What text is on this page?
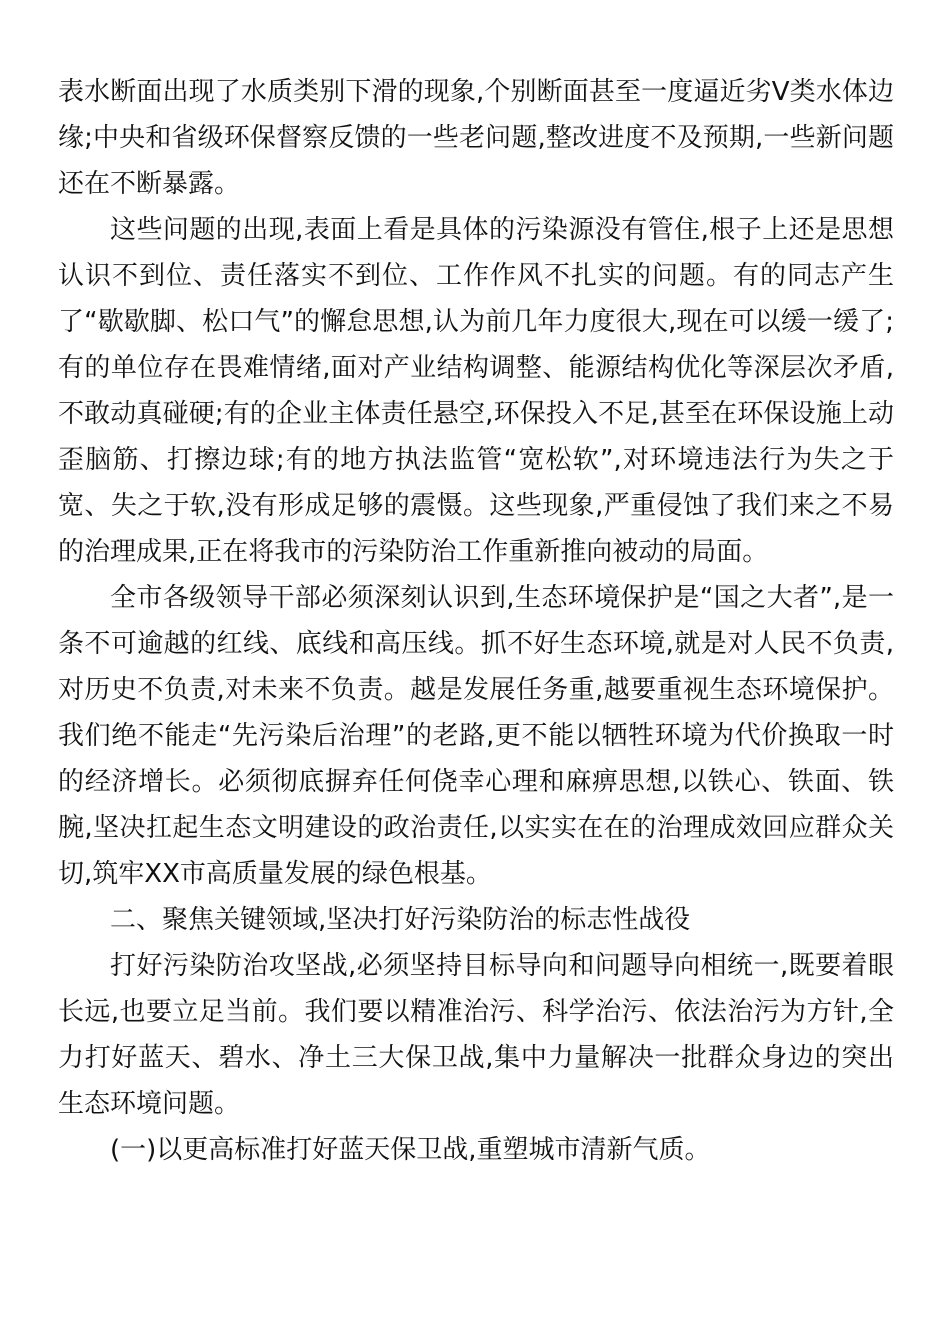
表水断面出现了水质类别下滑的现象,个别断面甚至一度逼近劣Ⅴ类水体边缘;中央和省级环保督察反馈的一些老问题,整改进度不及预期,一些新问题还在不断暴露。

这些问题的出现,表面上看是具体的污染源没有管住,根子上还是思想认识不到位、责任落实不到位、工作作风不扎实的问题。有的同志产生了“歇歇脚、松口气”的懈怠思想,认为前几年力度很大,现在可以缓一缓了;有的单位存在畏难情绪,面对产业结构调整、能源结构优化等深层次矛盾,不敢动真碰硬;有的企业主体责任悬空,环保投入不足,甚至在环保设施上动歪脑筋、打擦边球;有的地方执法监管“宽松软”,对环境违法行为失之于宽、失之于软,没有形成足够的震慑。这些现象,严重侵蚀了我们来之不易的治理成果,正在将我市的污染防治工作重新推向被动的局面。

全市各级领导干部必须深刻认识到,生态环境保护是“国之大者”,是一条不可逾越的红线、底线和高压线。抓不好生态环境,就是对人民不负责,对历史不负责,对未来不负责。越是发展任务重,越要重视生态环境保护。我们绝不能走“先污染后治理”的老路,更不能以牺牲环境为代价换取一时的经济增长。必须彻底摒弃任何侥幸心理和麻痹思想,以铁心、铁面、铁腕,坚决扛起生态文明建设的政治责任,以实实在在的治理成效回应群众关切,筑牢XX市高质量发展的绿色根基。

二、聚焦关键领域,坚决打好污染防治的标志性战役

打好污染防治攻坚战,必须坚持目标导向和问题导向相统一,既要着眼长远,也要立足当前。我们要以精准治污、科学治污、依法治污为方针,全力打好蓝天、碧水、净土三大保卫战,集中力量解决一批群众身边的突出生态环境问题。

(一)以更高标准打好蓝天保卫战,重塑城市清新气质。
